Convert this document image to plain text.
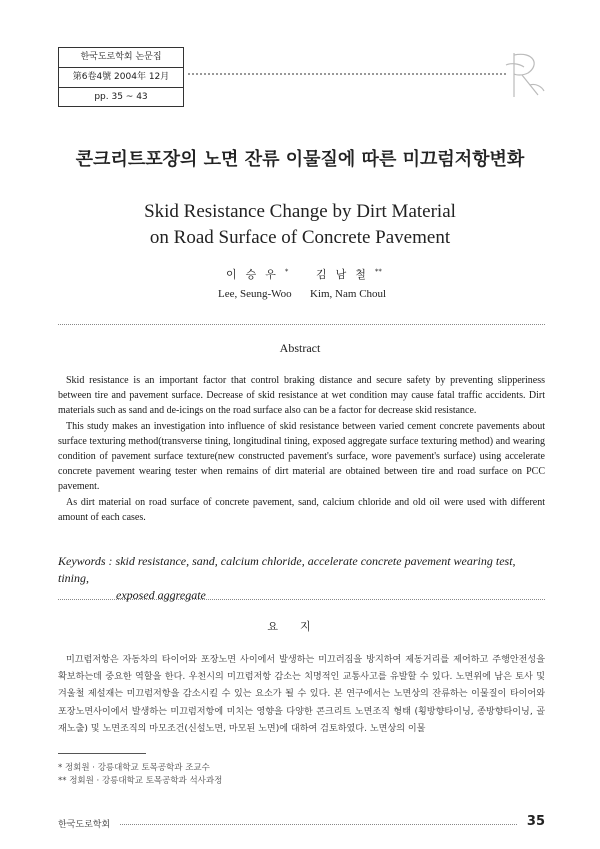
한국도로학회 논문집
第6卷4號 2004年 12月
pp. 35 ~ 43
콘크리트포장의 노면 잔류 이물질에 따른 미끄럼저항변화
Skid Resistance Change by Dirt Material
on Road Surface of Concrete Pavement
이승우*	김남철**
Lee, Seung-Woo Kim, Nam Choul
Abstract

Skid resistance is an important factor that control braking distance and secure safety by preventing slipperiness between tire and pavement surface. Decrease of skid resistance at wet condition may cause fatal traffic accidents. Dirt materials such as sand and de-icings on the road surface also can be a factor for decrease skid resistance.

This study makes an investigation into influence of skid resistance between varied cement concrete pavements about surface texturing method(transverse tining, longitudinal tining, exposed aggregate surface texturing method) and wearing condition of pavement surface texture(new constructed pavement's surface, wore pavement's surface) using accelerate concrete pavement wearing tester when remains of dirt material are obtained between tire and road surface on PCC pavement.

As dirt material on road surface of concrete pavement, sand, calcium chloride and old oil were used with different amount of each cases.

Keywords : skid resistance, sand, calcium chloride, accelerate concrete pavement wearing test, tining,
exposed aggregate
요지

미끄럼저항은 자동차의 타이어와 포장노면 사이에서 발생하는 미끄러짐을 방지하여 제동거리를 제어하고 주행안전성을 확보하는데 중요한 역할을 한다. 우천시의 미끄럼저항 감소는 치명적인 교통사고를 유발할 수 있다. 노면위에 남은 토사 및 겨울철 제설재는 미끄럼저항을 감소시킬 수 있는 요소가 될 수 있다. 본 연구에서는 노면상의 잔류하는 이물질이 타이어와 포장노면사이에서 발생하는 미끄럼저항에 미치는 영향을 다양한 콘크리트 노면조직 형태 (횡방향타이닝, 종방향타이닝, 골재노출) 및 노면조직의 마모조건(신설노면, 마모된 노면)에 대하여 검토하였다. 노면상의 이물

* 정회원 · 강릉대학교 토목공학과 조교수
** 정회원 · 강릉대학교 토목공학과 석사과정
한국도로학회	35
